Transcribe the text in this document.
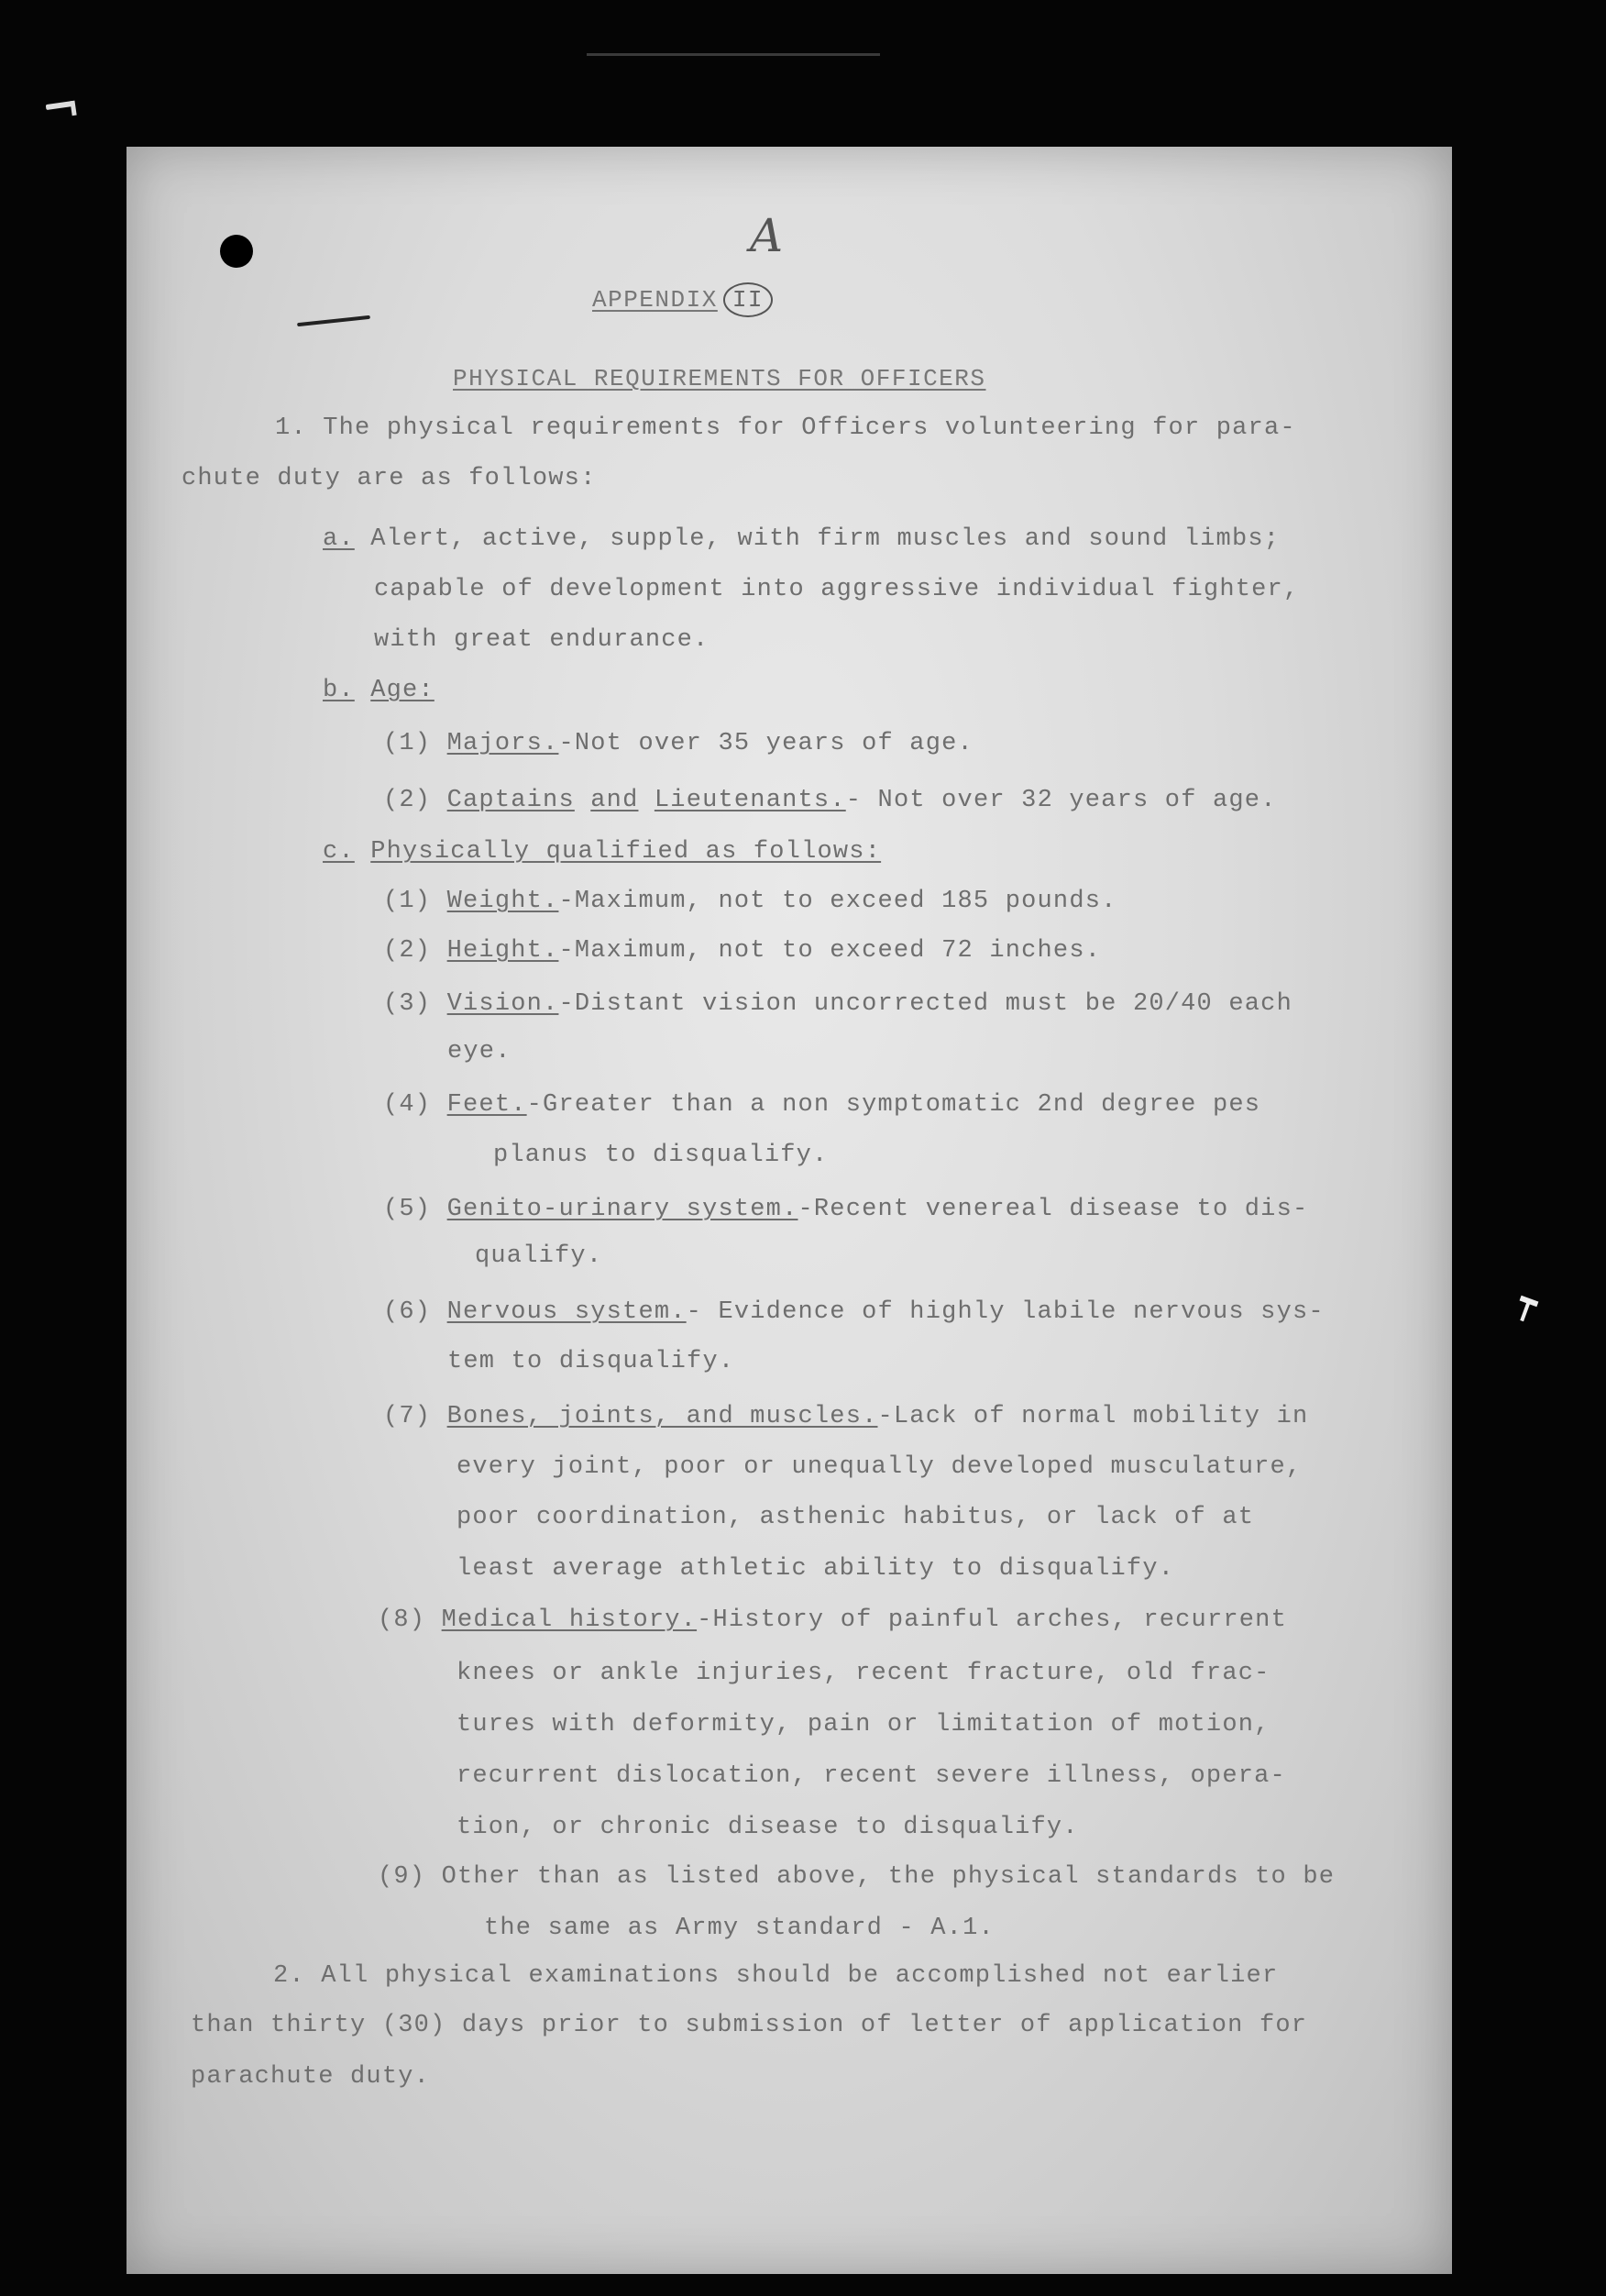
A
APPENDIX II
PHYSICAL REQUIREMENTS FOR OFFICERS
1. The physical requirements for Officers volunteering for para-
chute duty are as follows:
a. Alert, active, supple, with firm muscles and sound limbs;
capable of development into aggressive individual fighter,
with great endurance.
b. Age:
(1) Majors.-Not over 35 years of age.
(2) Captains and Lieutenants.- Not over 32 years of age.
c. Physically qualified as follows:
(1) Weight.-Maximum, not to exceed 185 pounds.
(2) Height.-Maximum, not to exceed 72 inches.
(3) Vision.-Distant vision uncorrected must be 20/40 each
eye.
(4) Feet.-Greater than a non symptomatic 2nd degree pes
planus to disqualify.
(5) Genito-urinary system.-Recent venereal disease to dis-
qualify.
(6) Nervous system.- Evidence of highly labile nervous sys-
tem to disqualify.
(7) Bones, joints, and muscles.-Lack of normal mobility in
every joint, poor or unequally developed musculature,
poor coordination, asthenic habitus, or lack of at
least average athletic ability to disqualify.
(8) Medical history.-History of painful arches, recurrent
knees or ankle injuries, recent fracture, old frac-
tures with deformity, pain or limitation of motion,
recurrent dislocation, recent severe illness, opera-
tion, or chronic disease to disqualify.
(9) Other than as listed above, the physical standards to be
the same as Army standard - A.1.
2. All physical examinations should be accomplished not earlier
than thirty (30) days prior to submission of letter of application for
parachute duty.
